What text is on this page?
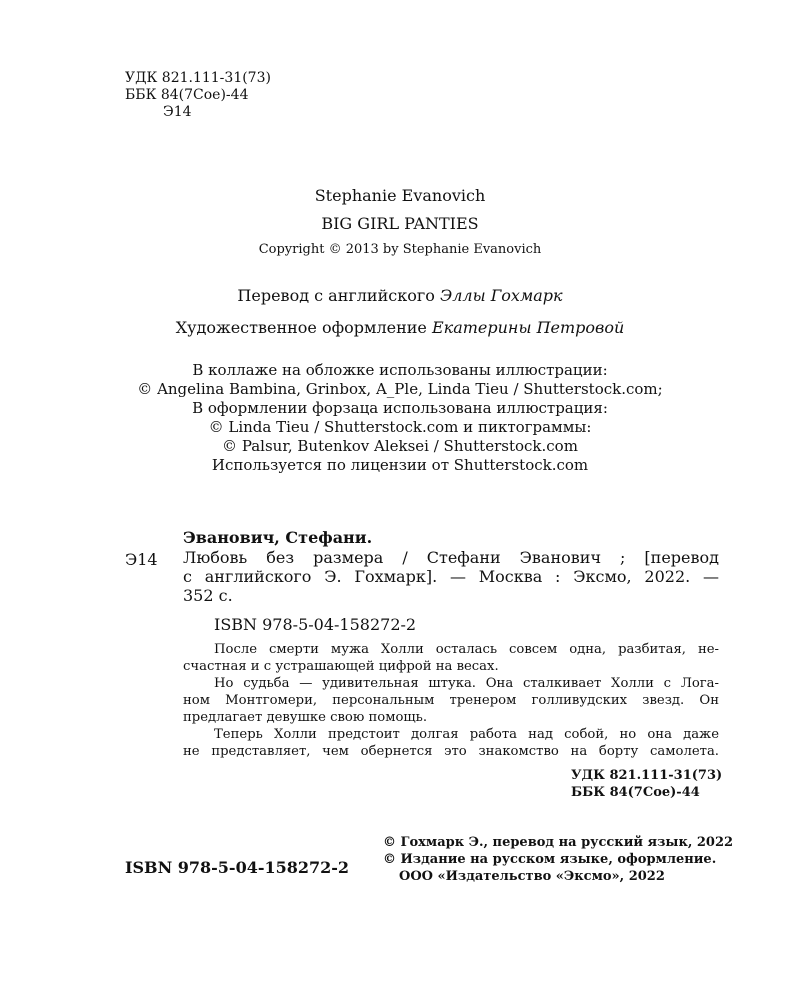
УДК 821.111-31(73)
ББК 84(7Сое)-44
Э14
Stephanie Evanovich
BIG GIRL PANTIES
Copyright © 2013 by Stephanie Evanovich
Перевод с английского Эллы Гохмарк
Художественное оформление Екатерины Петровой
В коллаже на обложке использованы иллюстрации:
© Angelina Bambina, Grinbox, A_Ple, Linda Tieu / Shutterstock.com;
В оформлении форзаца использована иллюстрация:
© Linda Tieu / Shutterstock.com и пиктограммы:
© Palsur, Butenkov Aleksei / Shutterstock.com
Используется по лицензии от Shutterstock.com
Эванович, Стефани.
Э14 Любовь без размера / Стефани Эванович ; [перевод
с английского Э. Гохмарк]. — Москва : Эксмо, 2022. —
352 с.
ISBN 978-5-04-158272-2
После смерти мужа Холли осталась совсем одна, разбитая, не-
счастная и с устрашающей цифрой на весах.
Но судьба — удивительная штука. Она сталкивает Холли с Лога-
ном Монтгомери, персональным тренером голливудских звезд. Он
предлагает девушке свою помощь.
Теперь Холли предстоит долгая работа над собой, но она даже
не представляет, чем обернется это знакомство на борту самолета.
УДК 821.111-31(73)
ББК 84(7Сое)-44
ISBN 978-5-04-158272-2
© Гохмарк Э., перевод на русский язык, 2022
© Издание на русском языке, оформление.
ООО «Издательство «Эксмо», 2022
